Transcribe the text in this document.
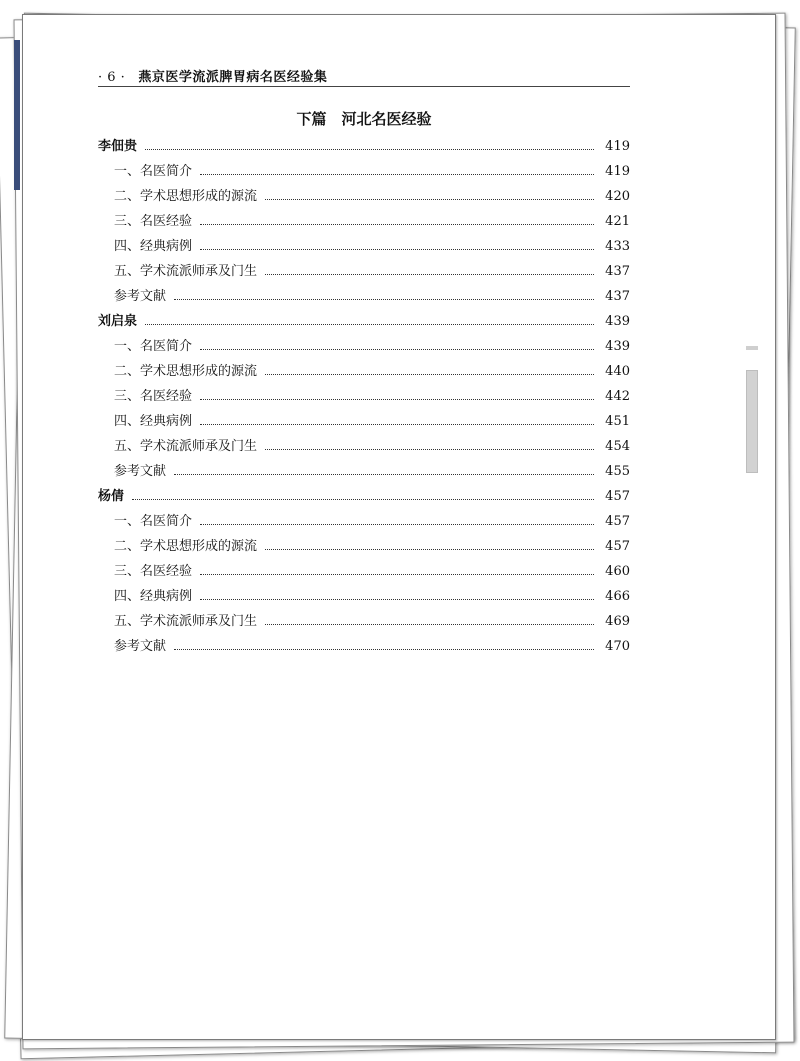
· 6 · 燕京医学流派脾胃病名医经验集
下篇　河北名医经验
李佃贵	419
一、名医简介	419
二、学术思想形成的源流	420
三、名医经验	421
四、经典病例	433
五、学术流派师承及门生	437
参考文献	437
刘启泉	439
一、名医简介	439
二、学术思想形成的源流	440
三、名医经验	442
四、经典病例	451
五、学术流派师承及门生	454
参考文献	455
杨倩	457
一、名医简介	457
二、学术思想形成的源流	457
三、名医经验	460
四、经典病例	466
五、学术流派师承及门生	469
参考文献	470
